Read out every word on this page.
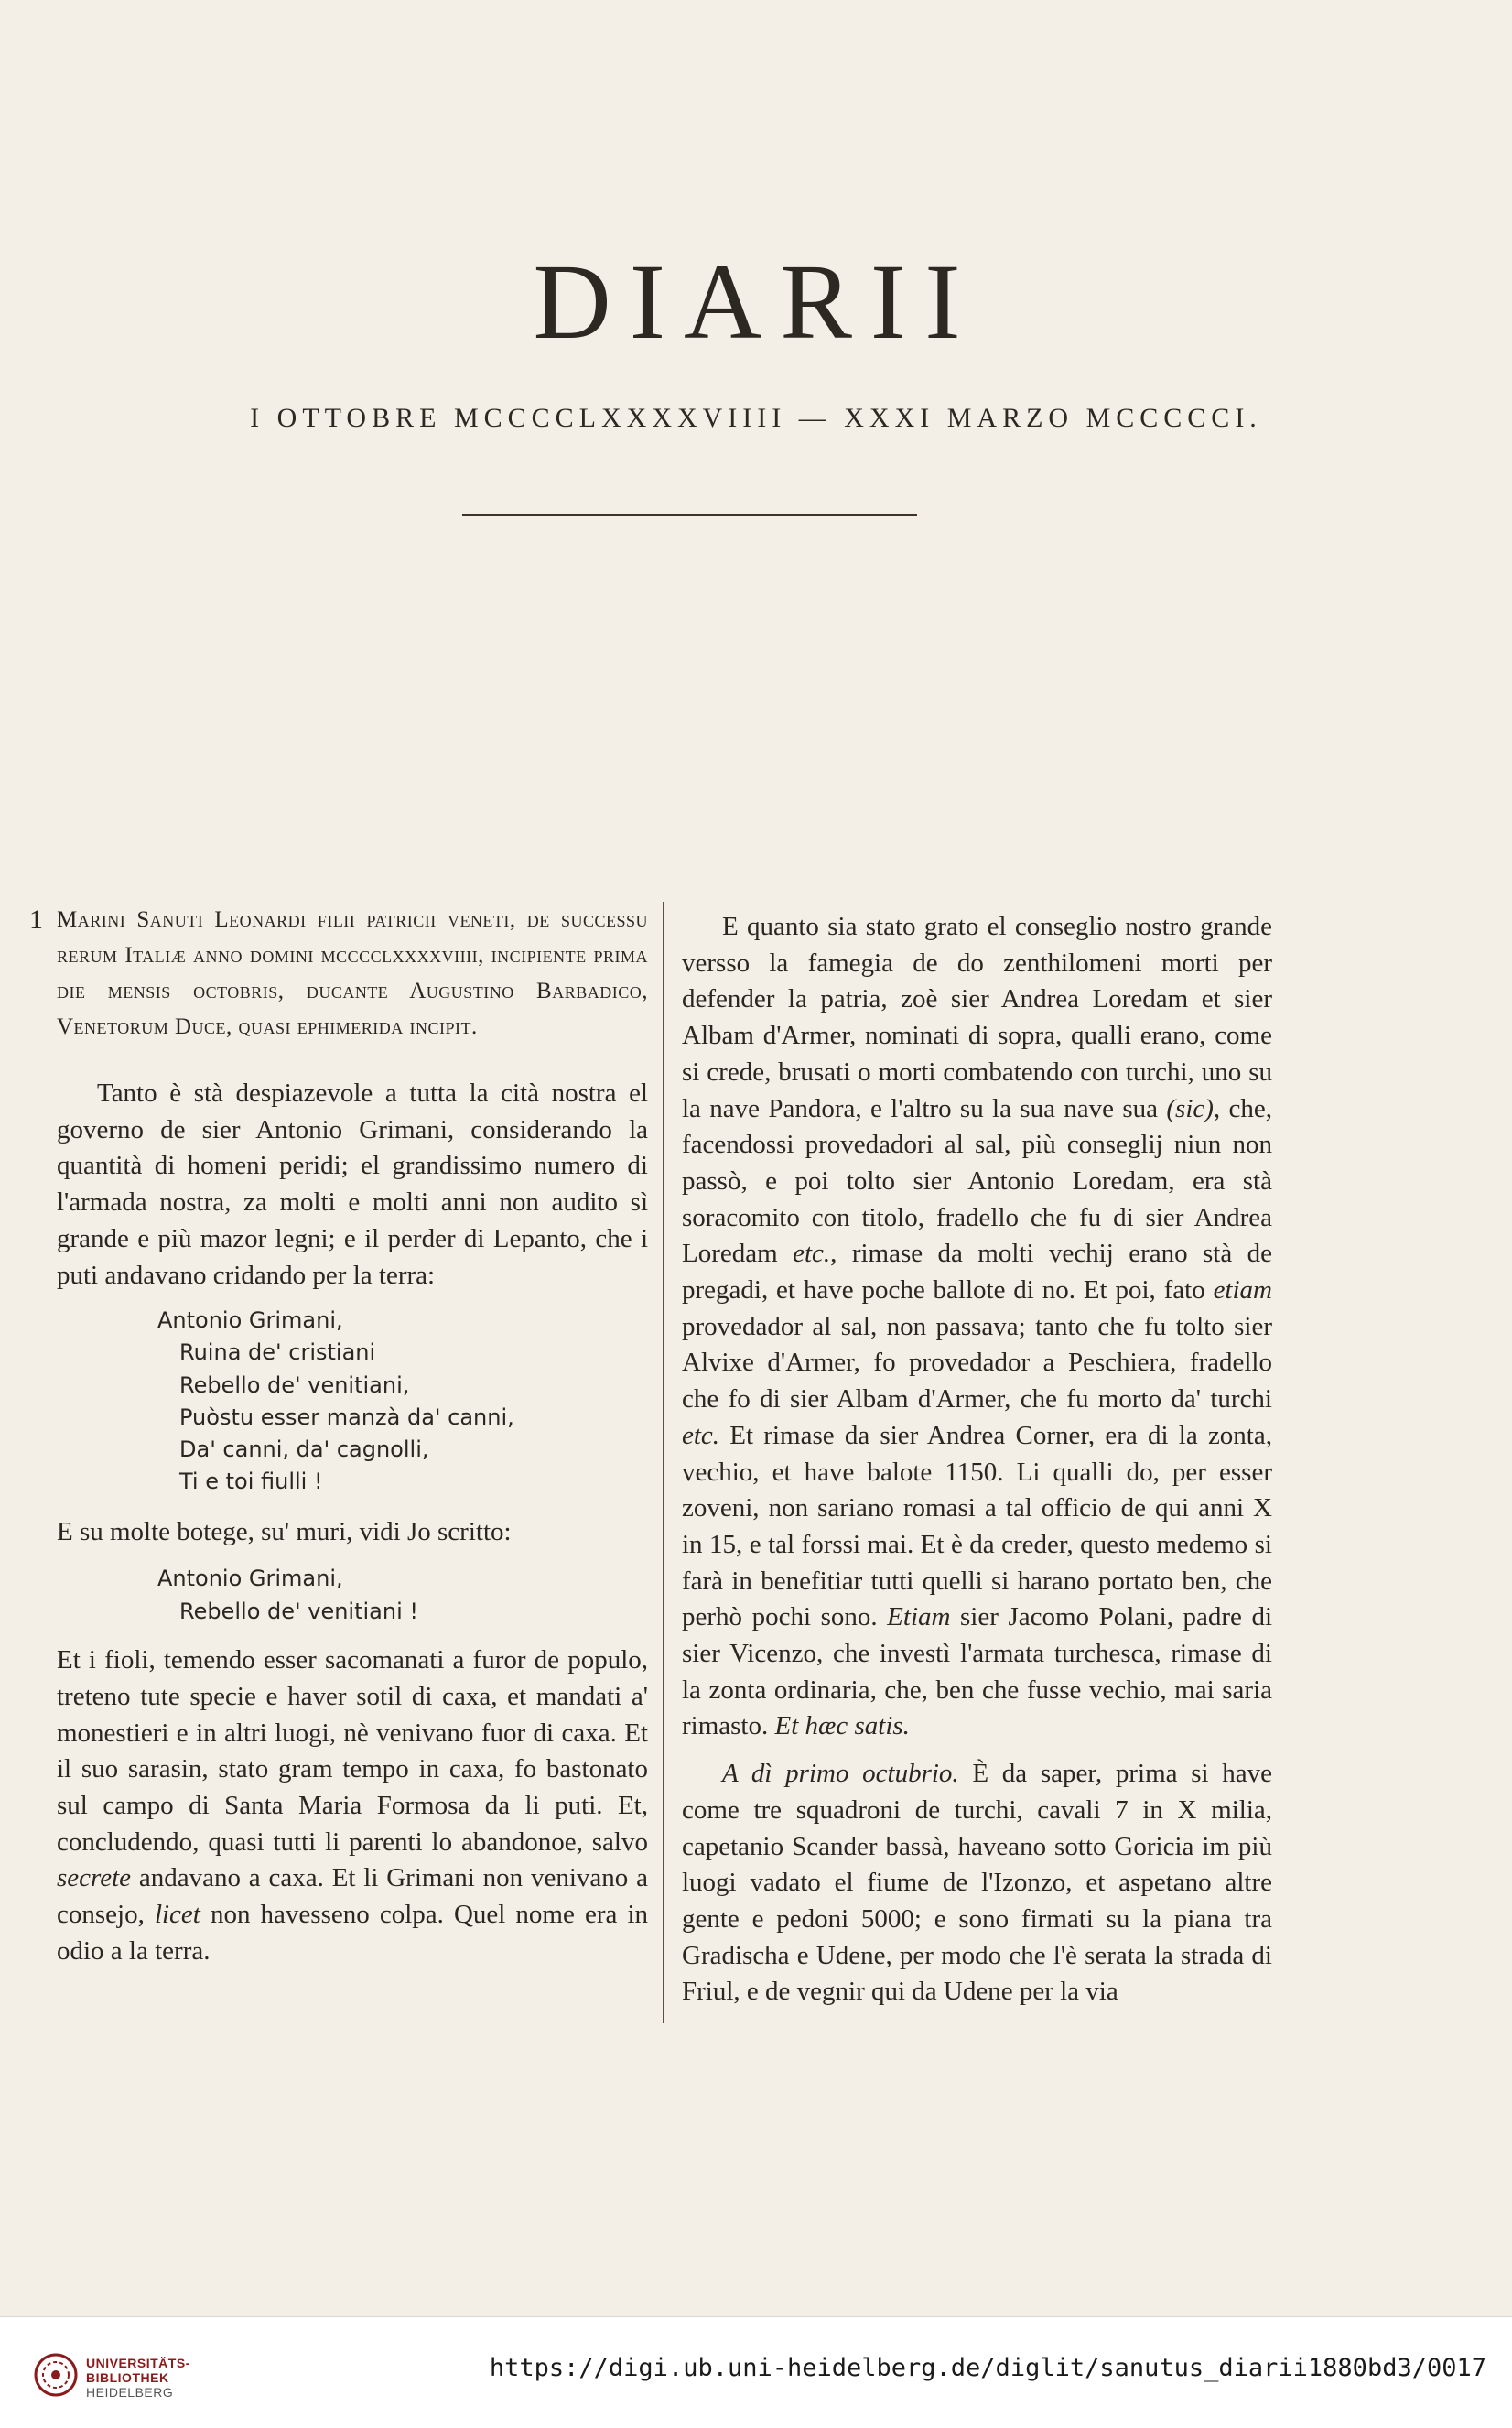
DIARII
I OTTOBRE MCCCCLXXXXVIIII — XXXI MARZO MCCCCCI.
1 Marini Sanuti Leonardi filii patricii veneti, de successu rerum Italiæ anno domini mcccclxxxxviiii, incipiente prima die mensis octobris, ducante Augustino Barbadico, Venetorum Duce, quasi ephimerida incipit.

Tanto è stà despiazevole a tutta la cità nostra el governo de sier Antonio Grimani, considerando la quantità di homeni peridi; el grandissimo numero di l'armada nostra, za molti e molti anni non audito sì grande e più mazor legni; e il perder di Lepanto, che i puti andavano cridando per la terra:

Antonio Grimani,
Ruina de' cristiani
Rebello de' venitiani,
Puòstu esser manzà da' canni,
Da' canni, da' cagnolli,
Ti e toi fiulli !

E su molte botege, su' muri, vidi Jo scritto:

Antonio Grimani,
Rebello de' venitiani !

Et i fioli, temendo esser sacomanati a furor de populo, treteno tute specie e haver sotil di caxa, et mandati a' monestieri e in altri luogi, nè venivano fuor di caxa. Et il suo sarasin, stato gram tempo in caxa, fo bastonato sul campo di Santa Maria Formosa da li puti. Et, concludendo, quasi tutti li parenti lo abandonoe, salvo secrete andavano a caxa. Et li Grimani non venivano a consejo, licet non havesseno colpa. Quel nome era in odio a la terra.

E quanto sia stato grato el conseglio nostro grande versso la famegia de do zenthilomeni morti per defender la patria, zoè sier Andrea Loredam et sier Albam d'Armer, nominati di sopra, qualli erano, come si crede, brusati o morti combatendo con turchi, uno su la nave Pandora, e l'altro su la sua nave sua (sic), che, facendossi provedadori al sal, più conseglij niun non passò, e poi tolto sier Antonio Loredam, era stà soracomito con titolo, fradello che fu di sier Andrea Loredam etc., rimase da molti vechij erano stà de pregadi, et have poche ballote di no. Et poi, fato etiam provedador al sal, non passava; tanto che fu tolto sier Alvixe d'Armer, fo provedador a Peschiera, fradello che fo di sier Albam d'Armer, che fu morto da' turchi etc. Et rimase da sier Andrea Corner, era di la zonta, vechio, et have balote 1150. Li qualli do, per esser zoveni, non sariano romasi a tal officio de qui anni X in 15, e tal forssi mai. Et è da creder, questo medemo si farà in benefitiar tutti quelli si harano portato ben, che perhò pochi sono. Etiam sier Jacomo Polani, padre di sier Vicenzo, che investì l'armata turchesca, rimase di la zonta ordinaria, che, ben che fusse vechio, mai saria rimasto. Et hæc satis.

A dì primo octubrio. È da saper, prima si have come tre squadroni de turchi, cavali 7 in X milia, capetanio Scander bassà, haveano sotto Goricia im più luogi vadato el fiume de l'Izonzo, et aspetano altre gente e pedoni 5000; e sono firmati su la piana tra Gradischa e Udene, per modo che l'è serata la strada di Friul, e de vegnir qui da Udene per la via

UNIVERSITÄTS-
BIBLIOTHEK
HEIDELBERG
https://digi.ub.uni-heidelberg.de/diglit/sanutus_diarii1880bd3/0017
